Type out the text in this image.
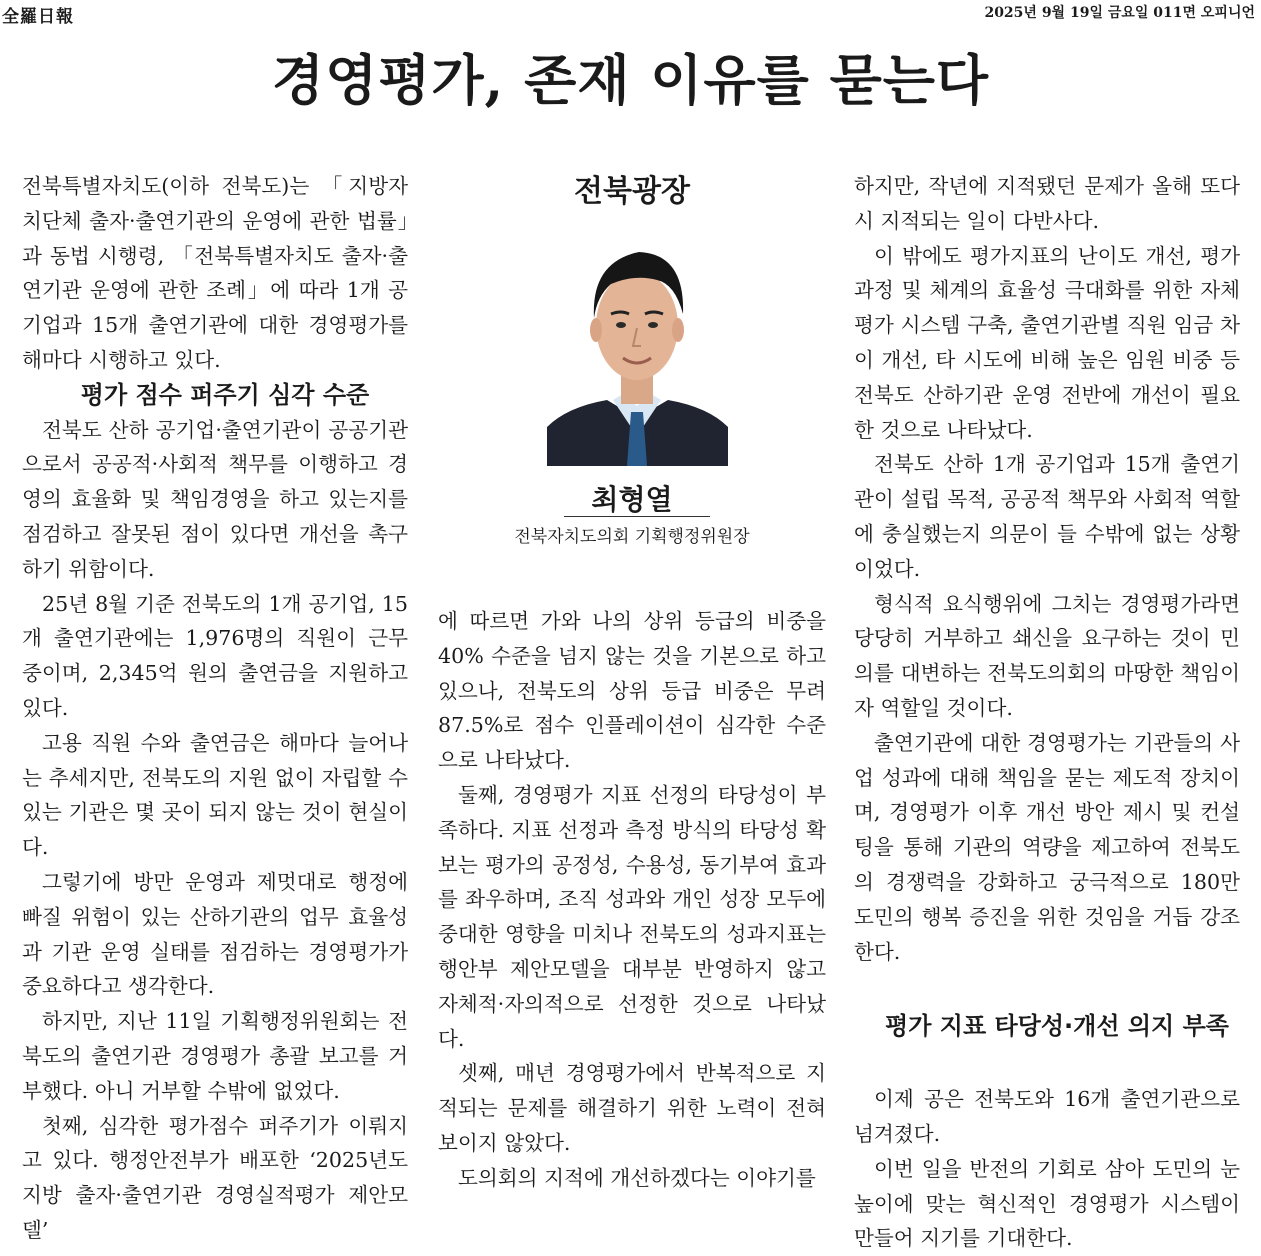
全羅日報	2025년 9월 19일 금요일 011면 오피니언
경영평가, 존재 이유를 묻는다

전북특별자치도(이하 전북도)는 「지방자치단체 출자·출연기관의 운영에 관한 법률」과 동법 시행령, 「전북특별자치도 출자·출연기관 운영에 관한 조례」에 따라 1개 공기업과 15개 출연기관에 대한 경영평가를 해마다 시행하고 있다.

평가 점수 퍼주기 심각 수준

전북도 산하 공기업·출연기관이 공공기관으로서 공공적·사회적 책무를 이행하고 경영의 효율화 및 책임경영을 하고 있는지를 점검하고 잘못된 점이 있다면 개선을 촉구하기 위함이다.

25년 8월 기준 전북도의 1개 공기업, 15개 출연기관에는 1,976명의 직원이 근무 중이며, 2,345억 원의 출연금을 지원하고 있다.

고용 직원 수와 출연금은 해마다 늘어나는 추세지만, 전북도의 지원 없이 자립할 수 있는 기관은 몇 곳이 되지 않는 것이 현실이다.

그렇기에 방만 운영과 제멋대로 행정에 빠질 위험이 있는 산하기관의 업무 효율성과 기관 운영 실태를 점검하는 경영평가가 중요하다고 생각한다.

하지만, 지난 11일 기획행정위원회는 전북도의 출연기관 경영평가 총괄 보고를 거부했다. 아니 거부할 수밖에 없었다.

첫째, 심각한 평가점수 퍼주기가 이뤄지고 있다. 행정안전부가 배포한 ‘2025년도 지방 출자·출연기관 경영실적평가 제안모델’

전북광장
최형열
전북자치도의회 기획행정위원장

에 따르면 가와 나의 상위 등급의 비중을 40% 수준을 넘지 않는 것을 기본으로 하고 있으나, 전북도의 상위 등급 비중은 무려 87.5%로 점수 인플레이션이 심각한 수준으로 나타났다.

둘째, 경영평가 지표 선정의 타당성이 부족하다. 지표 선정과 측정 방식의 타당성 확보는 평가의 공정성, 수용성, 동기부여 효과를 좌우하며, 조직 성과와 개인 성장 모두에 중대한 영향을 미치나 전북도의 성과지표는 행안부 제안모델을 대부분 반영하지 않고 자체적·자의적으로 선정한 것으로 나타났다.

셋째, 매년 경영평가에서 반복적으로 지적되는 문제를 해결하기 위한 노력이 전혀 보이지 않았다.

도의회의 지적에 개선하겠다는 이야기를

하지만, 작년에 지적됐던 문제가 올해 또다시 지적되는 일이 다반사다.

이 밖에도 평가지표의 난이도 개선, 평가 과정 및 체계의 효율성 극대화를 위한 자체 평가 시스템 구축, 출연기관별 직원 임금 차이 개선, 타 시도에 비해 높은 임원 비중 등 전북도 산하기관 운영 전반에 개선이 필요한 것으로 나타났다.

전북도 산하 1개 공기업과 15개 출연기관이 설립 목적, 공공적 책무와 사회적 역할에 충실했는지 의문이 들 수밖에 없는 상황이었다.

형식적 요식행위에 그치는 경영평가라면 당당히 거부하고 쇄신을 요구하는 것이 민의를 대변하는 전북도의회의 마땅한 책임이자 역할일 것이다.

출연기관에 대한 경영평가는 기관들의 사업 성과에 대해 책임을 묻는 제도적 장치이며, 경영평가 이후 개선 방안 제시 및 컨설팅을 통해 기관의 역량을 제고하여 전북도의 경쟁력을 강화하고 궁극적으로 180만 도민의 행복 증진을 위한 것임을 거듭 강조한다.

평가 지표 타당성·개선 의지 부족

이제 공은 전북도와 16개 출연기관으로 넘겨졌다.

이번 일을 반전의 기회로 삼아 도민의 눈높이에 맞는 혁신적인 경영평가 시스템이 만들어 지기를 기대한다.
